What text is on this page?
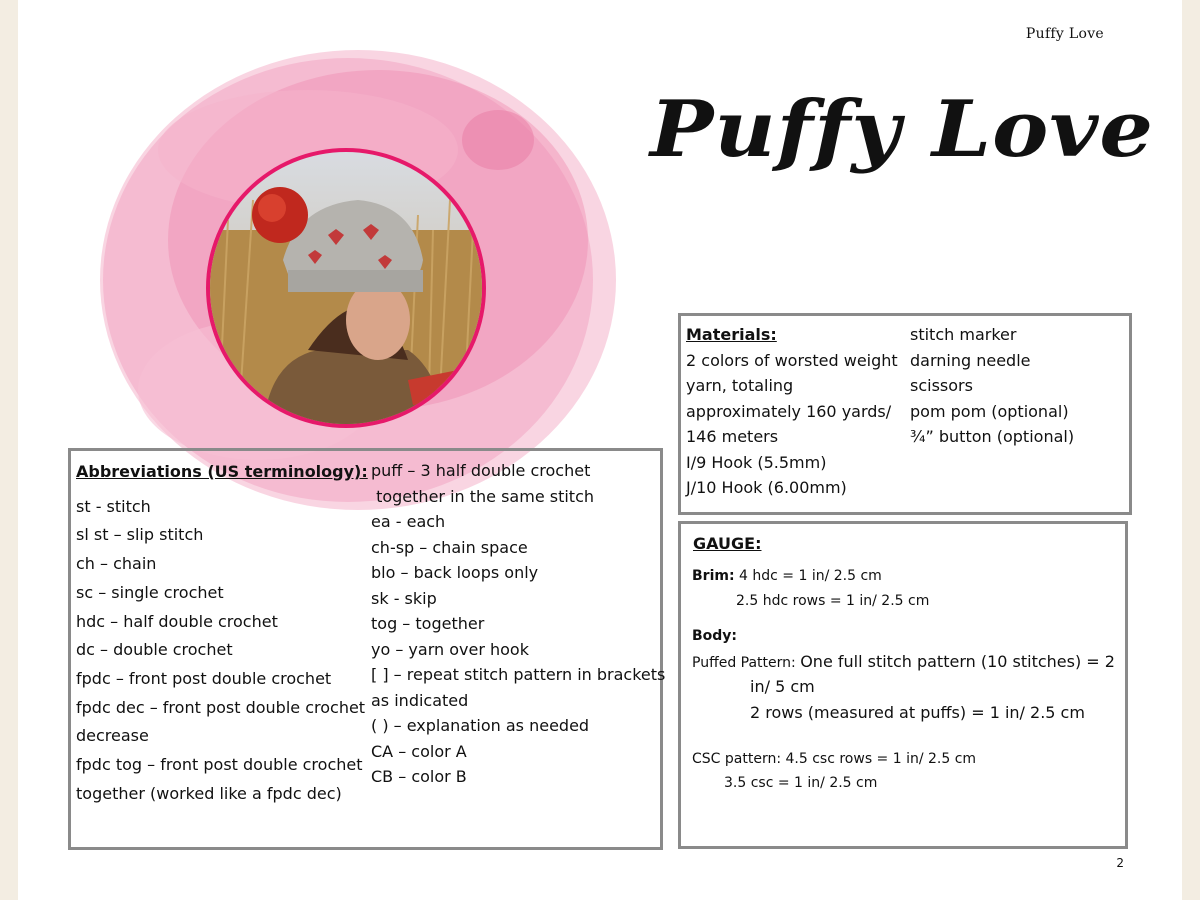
Puffy Love
Puffy Love
Materials:
2 colors of worsted weight
yarn, totaling
approximately 160 yards/
146 meters
I/9 Hook (5.5mm)
J/10 Hook (6.00mm)
stitch marker
darning needle
scissors
pom pom (optional)
¾” button (optional)
GAUGE:
Brim: 4 hdc = 1 in/ 2.5 cm
2.5 hdc rows = 1 in/ 2.5 cm
Body:
Puffed Pattern: One full stitch pattern (10 stitches) = 2
in/ 5 cm
2 rows (measured at puffs) = 1 in/ 2.5 cm
CSC pattern: 4.5 csc rows = 1 in/ 2.5 cm
3.5 csc = 1 in/ 2.5 cm
Abbreviations (US terminology):
st - stitch
sl st – slip stitch
ch – chain
sc – single crochet
hdc – half double crochet
dc – double crochet
fpdc – front post double crochet
fpdc dec – front post double crochet
decrease
fpdc tog – front post double crochet
together (worked like a fpdc dec)
puff – 3 half double crochet
together in the same stitch
ea - each
ch-sp – chain space
blo – back loops only
sk - skip
tog – together
yo – yarn over hook
[ ] – repeat stitch pattern in brackets
as indicated
( ) – explanation as needed
CA – color A
CB – color B
2
